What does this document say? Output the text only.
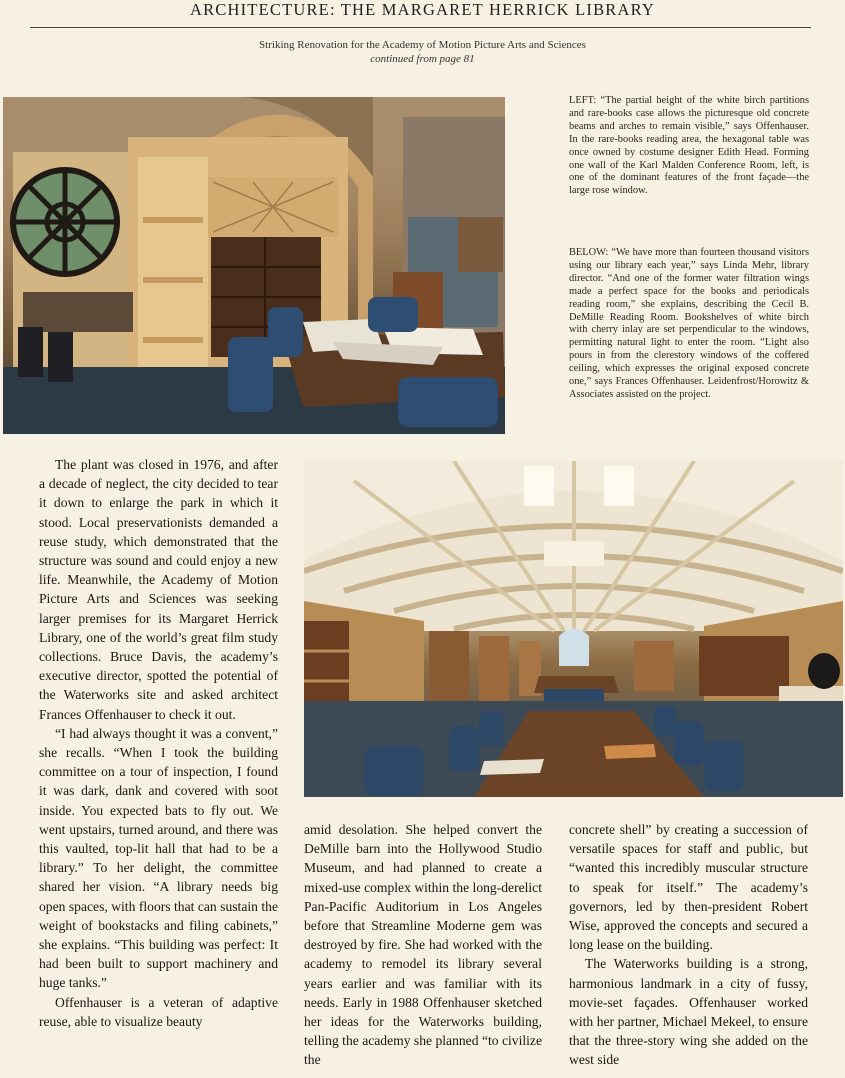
ARCHITECTURE: THE MARGARET HERRICK LIBRARY
Striking Renovation for the Academy of Motion Picture Arts and Sciences
continued from page 81
LEFT: “The partial height of the white birch partitions and rare-books case allows the picturesque old concrete beams and arches to remain visible,” says Offenhauser. In the rare-books reading area, the hexagonal table was once owned by costume designer Edith Head. Forming one wall of the Karl Malden Conference Room, left, is one of the dominant features of the front façade—the large rose window.
BELOW: “We have more than fourteen thousand visitors using our library each year,” says Linda Mehr, library director. “And one of the former water filtration wings made a perfect space for the books and periodicals reading room,” she explains, describing the Cecil B. DeMille Reading Room. Bookshelves of white birch with cherry inlay are set perpendicular to the windows, permitting natural light to enter the room. “Light also pours in from the clerestory windows of the coffered ceiling, which expresses the original exposed concrete one,” says Frances Offenhauser. Leidenfrost/Horowitz & Associates assisted on the project.

The plant was closed in 1976, and after a decade of neglect, the city decided to tear it down to enlarge the park in which it stood. Local preservationists demanded a reuse study, which demonstrated that the structure was sound and could enjoy a new life. Meanwhile, the Academy of Motion Picture Arts and Sciences was seeking larger premises for its Margaret Herrick Library, one of the world’s great film study collections. Bruce Davis, the academy’s executive director, spotted the potential of the Waterworks site and asked architect Frances Offenhauser to check it out.

“I had always thought it was a convent,” she recalls. “When I took the building committee on a tour of inspection, I found it was dark, dank and covered with soot inside. You expected bats to fly out. We went upstairs, turned around, and there was this vaulted, top-lit hall that had to be a library.” To her delight, the committee shared her vision. “A library needs big open spaces, with floors that can sustain the weight of bookstacks and filing cabinets,” she explains. “This building was perfect: It had been built to support machinery and huge tanks.”

Offenhauser is a veteran of adaptive reuse, able to visualize beauty

amid desolation. She helped convert the DeMille barn into the Hollywood Studio Museum, and had planned to create a mixed-use complex within the long-derelict Pan-Pacific Auditorium in Los Angeles before that Streamline Moderne gem was destroyed by fire. She had worked with the academy to remodel its library several years earlier and was familiar with its needs. Early in 1988 Offenhauser sketched her ideas for the Waterworks building, telling the academy she planned “to civilize the

concrete shell” by creating a succession of versatile spaces for staff and public, but “wanted this incredibly muscular structure to speak for itself.” The academy’s governors, led by then-president Robert Wise, approved the concepts and secured a long lease on the building.

The Waterworks building is a strong, harmonious landmark in a city of fussy, movie-set façades. Offenhauser worked with her partner, Michael Mekeel, to ensure that the three-story wing she added on the west side
